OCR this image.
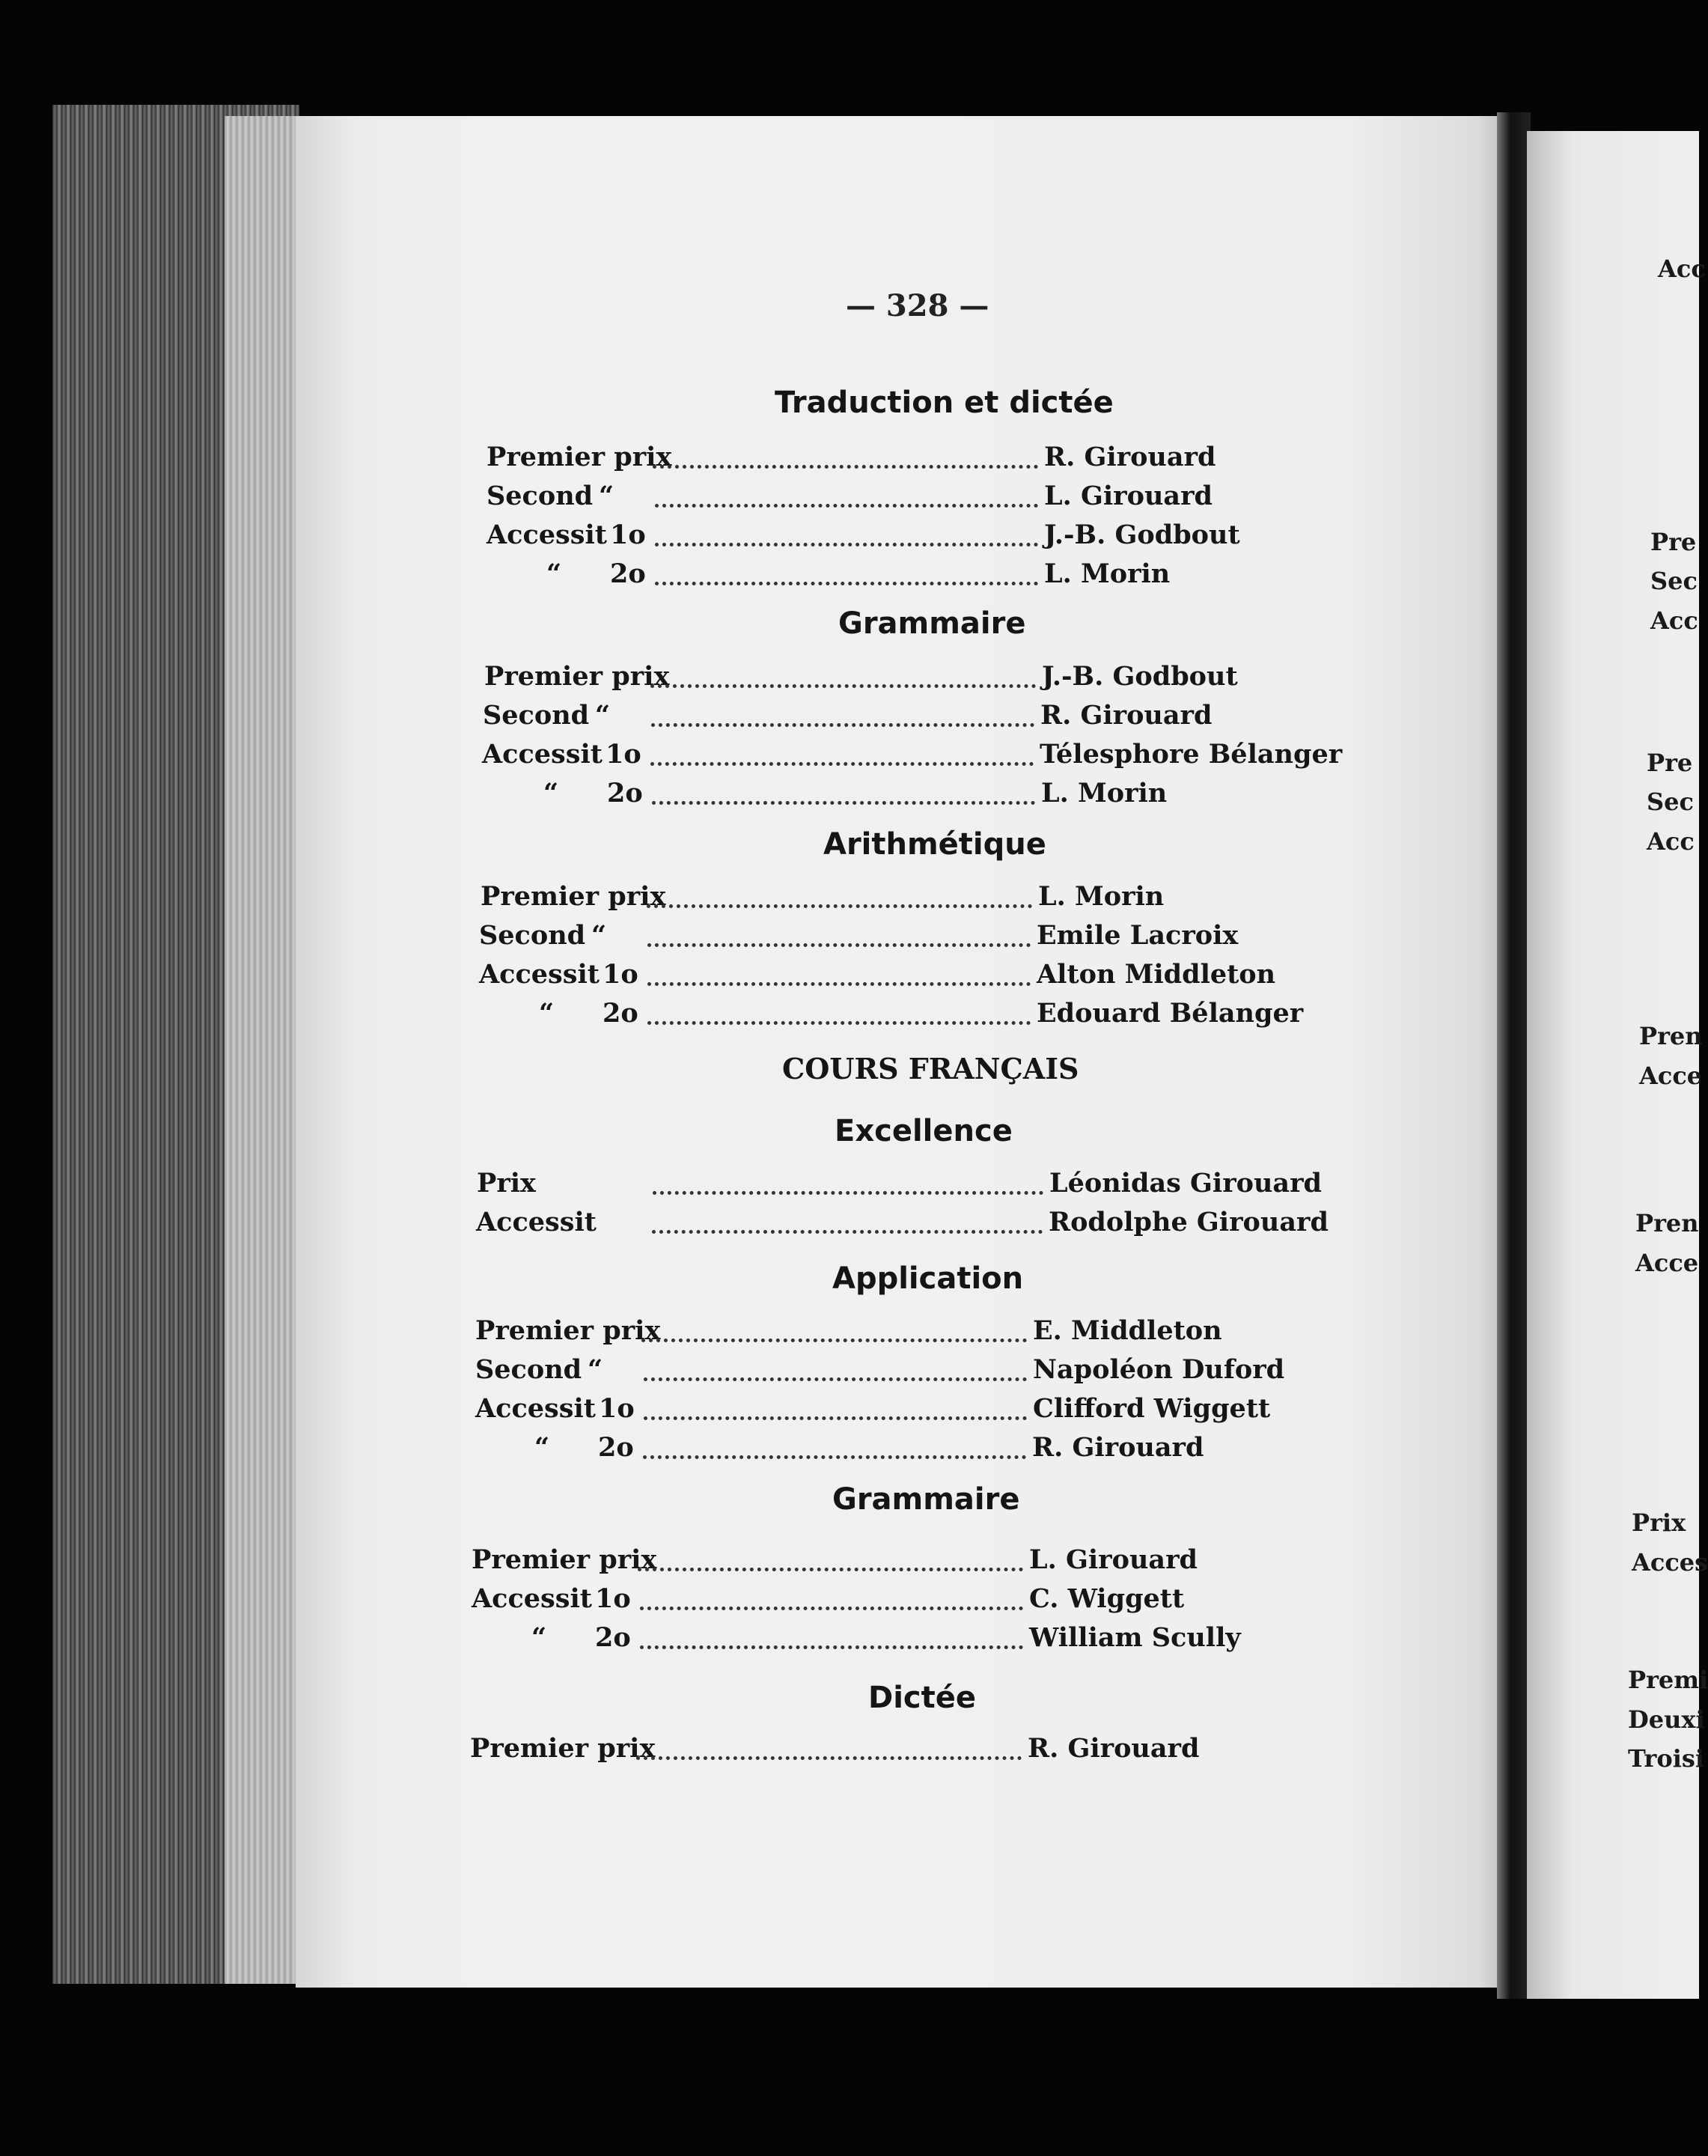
Acc
Pre
Sec
Acc
Pre
Sec
Acc
Pren
Acce
Pren
Acce
Prix
Acces
Premi
Deuxi
Troisi
— 328 —
Traduction et dictée
Premier prix	R. Girouard
Second “	L. Girouard
Accessit 1o	J.-B. Godbout
“ 2o	L. Morin
Grammaire
Premier prix	J.-B. Godbout
Second “	R. Girouard
Accessit 1o	Télesphore Bélanger
“ 2o	L. Morin
Arithmétique
Premier prix	L. Morin
Second “	Emile Lacroix
Accessit 1o	Alton Middleton
“ 2o	Edouard Bélanger
COURS FRANÇAIS
Excellence
Prix	Léonidas Girouard
Accessit	Rodolphe Girouard
Application
Premier prix	E. Middleton
Second “	Napoléon Duford
Accessit 1o	Clifford Wiggett
“ 2o	R. Girouard
Grammaire
Premier prix	L. Girouard
Accessit 1o	C. Wiggett
“ 2o	William Scully
Dictée
Premier prix	R. Girouard
